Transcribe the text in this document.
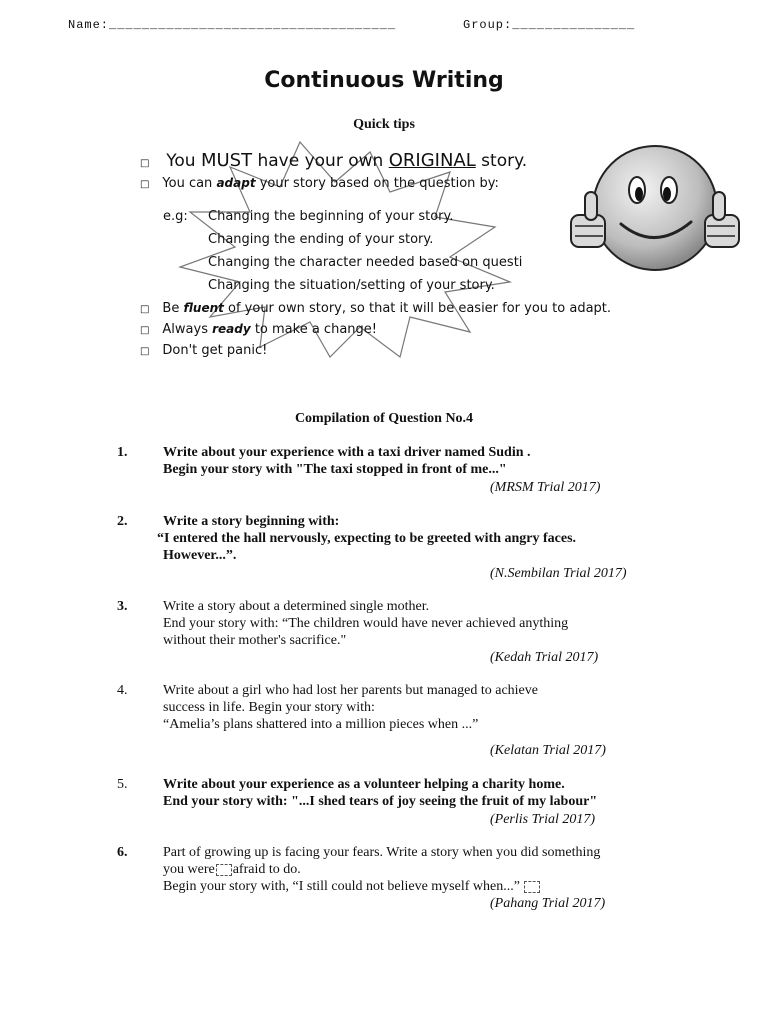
Name:___________________________________	Group:_______________
Continuous Writing
Quick tips
□ You MUST have your own ORIGINAL story.
□ You can adapt your story based on the question by:
e.g: Changing the beginning of your story.
Changing the ending of your story.
Changing the character needed based on questi
Changing the situation/setting of your story.
□ Be fluent of your own story, so that it will be easier for you to adapt.
□ Always ready to make a change!
□ Don't get panic!
Compilation of Question No.4
1.	Write about your experience with a taxi driver named Sudin .
Begin your story with "The taxi stopped in front of me..."
(MRSM Trial 2017)
2.	Write a story beginning with:
“I entered the hall nervously, expecting to be greeted with angry faces.
However...”.
(N.Sembilan Trial 2017)
3.	Write a story about a determined single mother.
End your story with: “The children would have never achieved anything
without their mother's sacrifice."
(Kedah Trial 2017)
4.	Write about a girl who had lost her parents but managed to achieve
success in life. Begin your story with:
“Amelia’s plans shattered into a million pieces when ...”
(Kelatan Trial 2017)
5.	Write about your experience as a volunteer helping a charity home.
End your story with: "...I shed tears of joy seeing the fruit of my labour"
(Perlis Trial 2017)
6.	Part of growing up is facing your fears. Write a story when you did something
you were afraid to do.
Begin your story with, “I still could not believe myself when...”
(Pahang Trial 2017)
